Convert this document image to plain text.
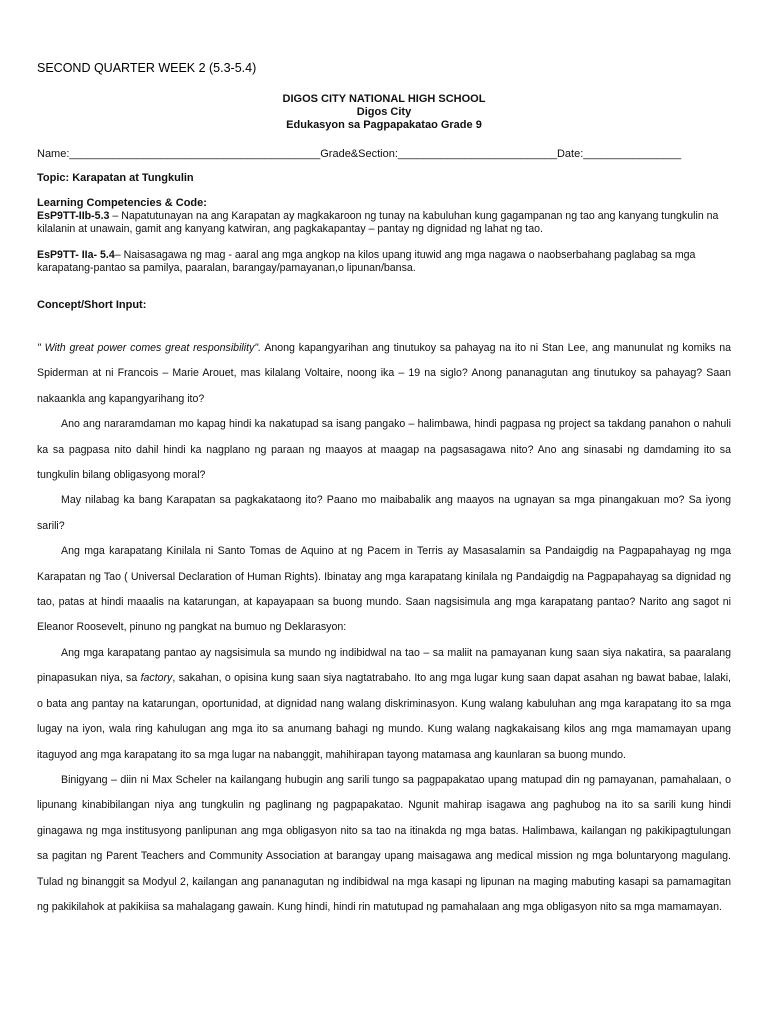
SECOND QUARTER WEEK 2 (5.3-5.4)
DIGOS CITY NATIONAL HIGH SCHOOL
Digos City
Edukasyon sa Pagpapakatao Grade 9
Name:_________________________________________Grade&Section:__________________________Date:________________
Topic: Karapatan at Tungkulin
Learning Competencies & Code:
EsP9TT-IIb-5.3 – Napatutunayan na ang Karapatan ay magkakaroon ng tunay na kabuluhan kung gagampanan ng tao ang kanyang tungkulin na kilalanin at unawain, gamit ang kanyang katwiran, ang pagkakapantay – pantay ng dignidad ng lahat ng tao.
EsP9TT- IIa- 5.4– Naisasagawa ng mag - aaral ang mga angkop na kilos upang ituwid ang mga nagawa o naobserbahang paglabag sa mga karapatang-pantao sa pamilya, paaralan, barangay/pamayanan,o lipunan/bansa.
Concept/Short Input:

" With great power comes great responsibility". Anong kapangyarihan ang tinutukoy sa pahayag na ito ni Stan Lee, ang manunulat ng komiks na Spiderman at ni Francois – Marie Arouet, mas kilalang Voltaire, noong ika – 19 na siglo? Anong pananagutan ang tinutukoy sa pahayag? Saan nakaankla ang kapangyarihang ito?

Ano ang nararamdaman mo kapag hindi ka nakatupad sa isang pangako – halimbawa, hindi pagpasa ng project sa takdang panahon o nahuli ka sa pagpasa nito dahil hindi ka nagplano ng paraan ng maayos at maagap na pagsasagawa nito? Ano ang sinasabi ng damdaming ito sa tungkulin bilang obligasyong moral?

May nilabag ka bang Karapatan sa pagkakataong ito? Paano mo maibabalik ang maayos na ugnayan sa mga pinangakuan mo? Sa iyong sarili?

Ang mga karapatang Kinilala ni Santo Tomas de Aquino at ng Pacem in Terris ay Masasalamin sa Pandaigdig na Pagpapahayag ng mga Karapatan ng Tao ( Universal Declaration of Human Rights). Ibinatay ang mga karapatang kinilala ng Pandaigdig na Pagpapahayag sa dignidad ng tao, patas at hindi maaalis na katarungan, at kapayapaan sa buong mundo. Saan nagsisimula ang mga karapatang pantao? Narito ang sagot ni Eleanor Roosevelt, pinuno ng pangkat na bumuo ng Deklarasyon:

Ang mga karapatang pantao ay nagsisimula sa mundo ng indibidwal na tao – sa maliit na pamayanan kung saan siya nakatira, sa paaralang pinapasukan niya, sa factory, sakahan, o opisina kung saan siya nagtatrabaho. Ito ang mga lugar kung saan dapat asahan ng bawat babae, lalaki, o bata ang pantay na katarungan, oportunidad, at dignidad nang walang diskriminasyon. Kung walang kabuluhan ang mga karapatang ito sa mga lugay na iyon, wala ring kahulugan ang mga ito sa anumang bahagi ng mundo. Kung walang nagkakaisang kilos ang mga mamamayan upang itaguyod ang mga karapatang ito sa mga lugar na nabanggit, mahihirapan tayong matamasa ang kaunlaran sa buong mundo.

Binigyang – diin ni Max Scheler na kailangang hubugin ang sarili tungo sa pagpapakatao upang matupad din ng pamayanan, pamahalaan, o lipunang kinabibilangan niya ang tungkulin ng paglinang ng pagpapakatao. Ngunit mahirap isagawa ang paghubog na ito sa sarili kung hindi ginagawa ng mga institusyong panlipunan ang mga obligasyon nito sa tao na itinakda ng mga batas. Halimbawa, kailangan ng pakikipagtulungan sa pagitan ng Parent Teachers and Community Association at barangay upang maisagawa ang medical mission ng mga boluntaryong magulang. Tulad ng binanggit sa Modyul 2, kailangan ang pananagutan ng indibidwal na mga kasapi ng lipunan na maging mabuting kasapi sa pamamagitan ng pakikilahok at pakikiisa sa mahalagang gawain. Kung hindi, hindi rin matutupad ng pamahalaan ang mga obligasyon nito sa mga mamamayan.
